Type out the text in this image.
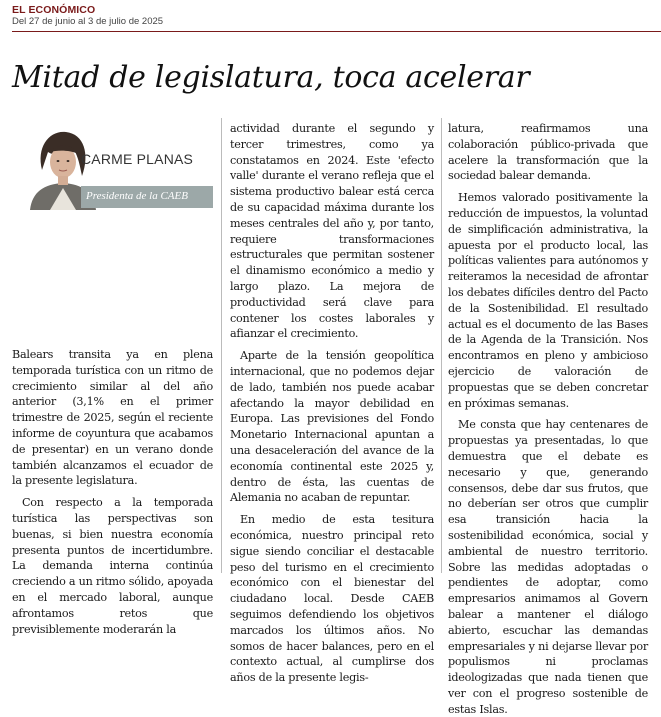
EL ECONÓMICO
Del 27 de junio al 3 de julio de 2025
Mitad de legislatura, toca acelerar
CARME PLANAS
Presidenta de la CAEB

Balears transita ya en plena temporada turística con un ritmo de crecimiento similar al del año anterior (3,1% en el primer trimestre de 2025, según el reciente informe de coyuntura que acabamos de presentar) en un verano donde también alcanzamos el ecuador de la presente legislatura.

Con respecto a la temporada turística las perspectivas son buenas, si bien nuestra economía presenta puntos de incertidumbre. La demanda interna continúa creciendo a un ritmo sólido, apoyada en el mercado laboral, aunque afrontamos retos que previsiblemente moderarán la

actividad durante el segundo y tercer trimestres, como ya constatamos en 2024. Este 'efecto valle' durante el verano refleja que el sistema productivo balear está cerca de su capacidad máxima durante los meses centrales del año y, por tanto, requiere transformaciones estructurales que permitan sostener el dinamismo económico a medio y largo plazo. La mejora de productividad será clave para contener los costes laborales y afianzar el crecimiento.

Aparte de la tensión geopolítica internacional, que no podemos dejar de lado, también nos puede acabar afectando la mayor debilidad en Europa. Las previsiones del Fondo Monetario Internacional apuntan a una desaceleración del avance de la economía continental este 2025 y, dentro de ésta, las cuentas de Alemania no acaban de repuntar.

En medio de esta tesitura económica, nuestro principal reto sigue siendo conciliar el destacable peso del turismo en el crecimiento económico con el bienestar del ciudadano local. Desde CAEB seguimos defendiendo los objetivos marcados los últimos años. No somos de hacer balances, pero en el contexto actual, al cumplirse dos años de la presente legis-

latura, reafirmamos una colaboración público-privada que acelere la transformación que la sociedad balear demanda.

Hemos valorado positivamente la reducción de impuestos, la voluntad de simplificación administrativa, la apuesta por el producto local, las políticas valientes para autónomos y reiteramos la necesidad de afrontar los debates difíciles dentro del Pacto de la Sostenibilidad. El resultado actual es el documento de las Bases de la Agenda de la Transición. Nos encontramos en pleno y ambicioso ejercicio de valoración de propuestas que se deben concretar en próximas semanas.

Me consta que hay centenares de propuestas ya presentadas, lo que demuestra que el debate es necesario y que, generando consensos, debe dar sus frutos, que no deberían ser otros que cumplir esa transición hacia la sostenibilidad económica, social y ambiental de nuestro territorio. Sobre las medidas adoptadas o pendientes de adoptar, como empresarios animamos al Govern balear a mantener el diálogo abierto, escuchar las demandas empresariales y ni dejarse llevar por populismos ni proclamas ideologizadas que nada tienen que ver con el progreso sostenible de estas Islas.
